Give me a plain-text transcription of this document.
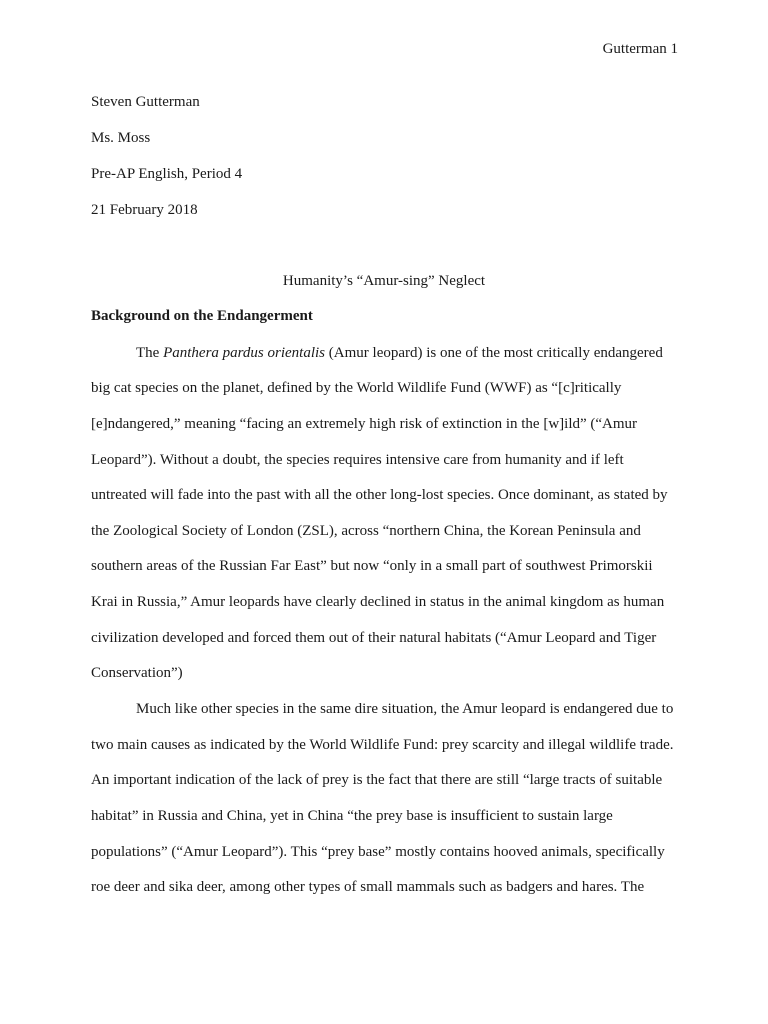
Gutterman 1
Steven Gutterman
Ms. Moss
Pre-AP English, Period 4
21 February 2018
Humanity’s “Amur-sing” Neglect
Background on the Endangerment
The Panthera pardus orientalis (Amur leopard) is one of the most critically endangered
big cat species on the planet, defined by the World Wildlife Fund (WWF) as “[c]ritically
[e]ndangered,” meaning “facing an extremely high risk of extinction in the [w]ild” (“Amur
Leopard”). Without a doubt, the species requires intensive care from humanity and if left
untreated will fade into the past with all the other long-lost species. Once dominant, as stated by
the Zoological Society of London (ZSL), across “northern China, the Korean Peninsula and
southern areas of the Russian Far East” but now “only in a small part of southwest Primorskii
Krai in Russia,” Amur leopards have clearly declined in status in the animal kingdom as human
civilization developed and forced them out of their natural habitats (“Amur Leopard and Tiger
Conservation”)
Much like other species in the same dire situation, the Amur leopard is endangered due to
two main causes as indicated by the World Wildlife Fund: prey scarcity and illegal wildlife trade.
An important indication of the lack of prey is the fact that there are still “large tracts of suitable
habitat” in Russia and China, yet in China “the prey base is insufficient to sustain large
populations” (“Amur Leopard”). This “prey base” mostly contains hooved animals, specifically
roe deer and sika deer, among other types of small mammals such as badgers and hares. The
